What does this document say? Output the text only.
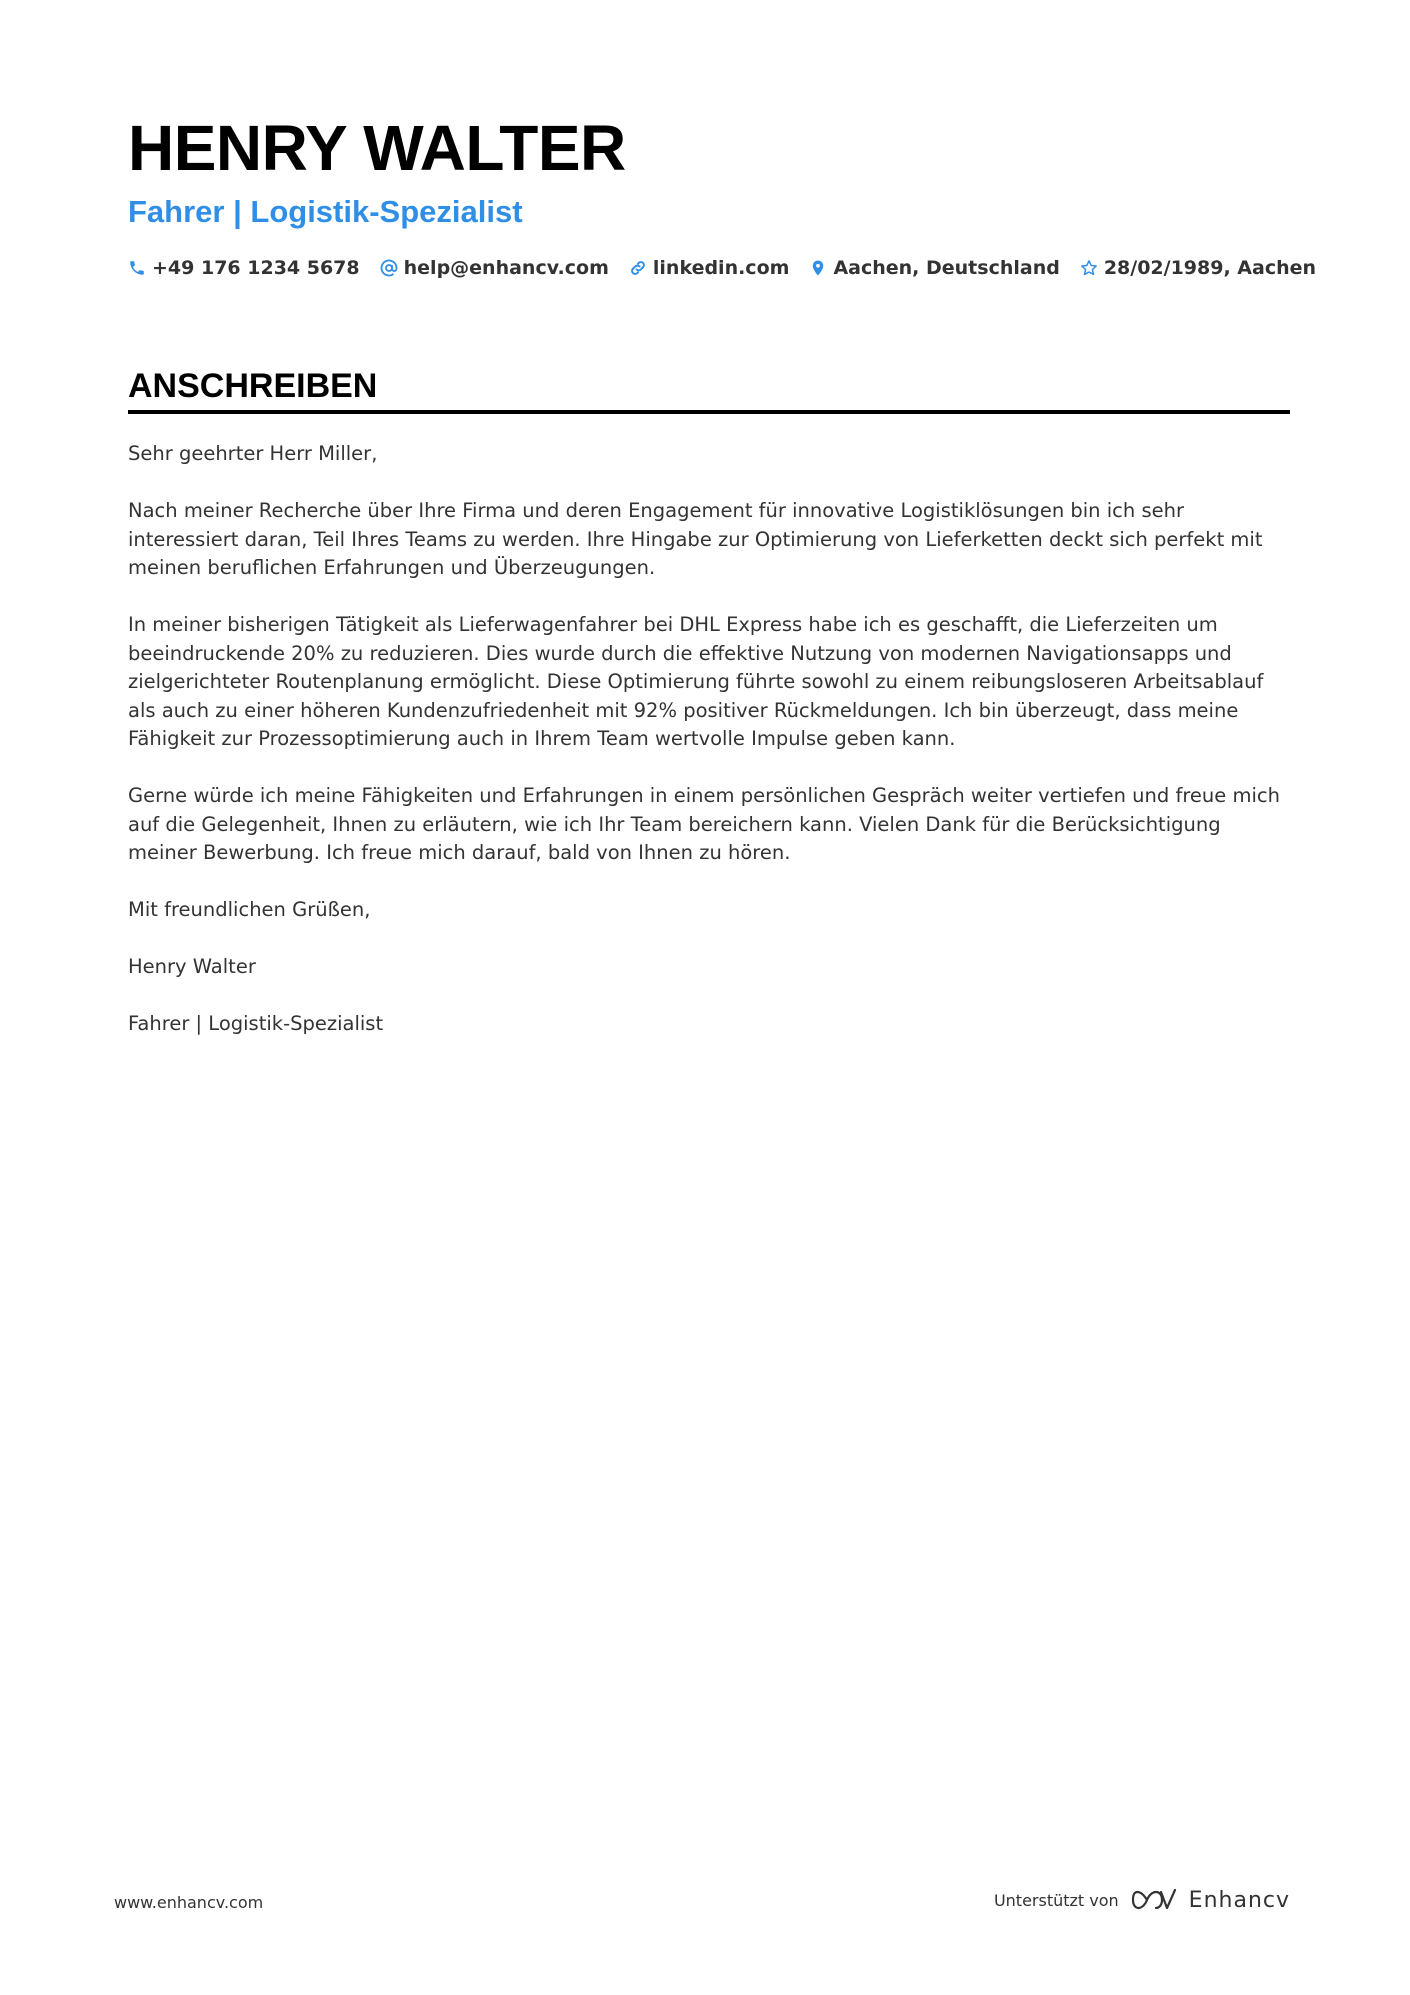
HENRY WALTER
Fahrer | Logistik-Spezialist
+49 176 1234 5678 help@enhancv.com linkedin.com Aachen, Deutschland 28/02/1989, Aachen
ANSCHREIBEN

Sehr geehrter Herr Miller,

Nach meiner Recherche über Ihre Firma und deren Engagement für innovative Logistiklösungen bin ich sehr interessiert daran, Teil Ihres Teams zu werden. Ihre Hingabe zur Optimierung von Lieferketten deckt sich perfekt mit meinen beruflichen Erfahrungen und Überzeugungen.

In meiner bisherigen Tätigkeit als Lieferwagenfahrer bei DHL Express habe ich es geschafft, die Lieferzeiten um beeindruckende 20% zu reduzieren. Dies wurde durch die effektive Nutzung von modernen Navigationsapps und zielgerichteter Routenplanung ermöglicht. Diese Optimierung führte sowohl zu einem reibungsloseren Arbeitsablauf als auch zu einer höheren Kundenzufriedenheit mit 92% positiver Rückmeldungen. Ich bin überzeugt, dass meine Fähigkeit zur Prozessoptimierung auch in Ihrem Team wertvolle Impulse geben kann.

Gerne würde ich meine Fähigkeiten und Erfahrungen in einem persönlichen Gespräch weiter vertiefen und freue mich auf die Gelegenheit, Ihnen zu erläutern, wie ich Ihr Team bereichern kann. Vielen Dank für die Berücksichtigung meiner Bewerbung. Ich freue mich darauf, bald von Ihnen zu hören.

Mit freundlichen Grüßen,

Henry Walter

Fahrer | Logistik-Spezialist

www.enhancv.com	Unterstützt von	Enhancv
